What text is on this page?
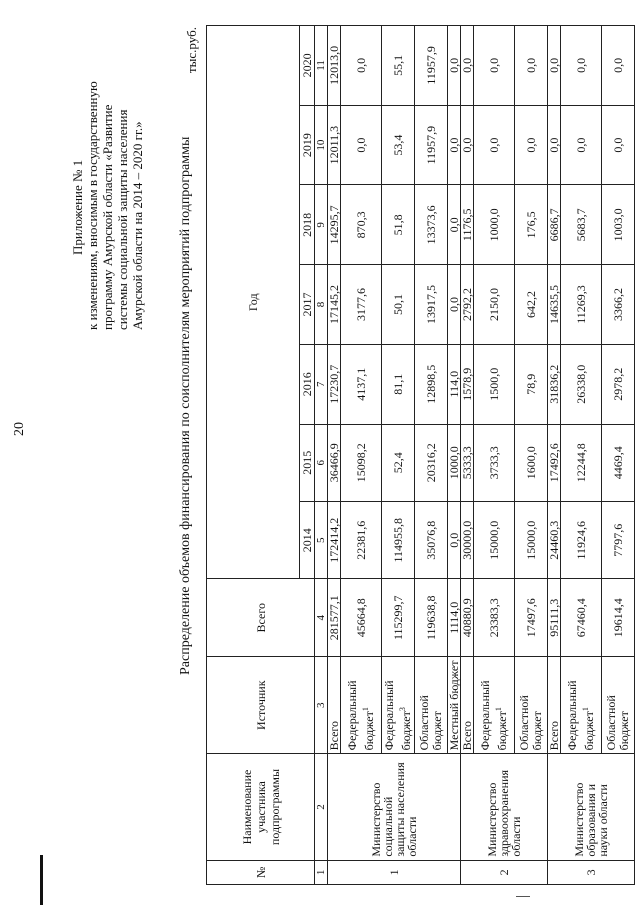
20
Приложение № 1 к изменениям, вносимым в государственную программу Амурской области «Развитие системы социальной защиты населения Амурской области на 2014 – 2020 гг.» Распределение объемов финансирования по соисполнителям мероприятий подпрограммы
тыс.руб.
№	Наименование участника подпрограммы	Источник	Всего	Год						
				2014	2015	2016	2017	2018	2019	2020
1	2	3	4	5	6	7	8	9	10	11
1	Министерство социальной защиты населения области	Всего	281577,1	172414,2	36466,9	17230,7	17145,2	14295,7	12011,3	12013,0
		Федеральный бюджет$^1$	45664,8	22381,6	15098,2	4137,1	3177,6	870,3	0,0	0,0
		Федеральный бюджет$^3$	115299,7	114955,8	52,4	81,1	50,1	51,8	53,4	55,1
		Областной бюджет	119638,8	35076,8	20316,2	12898,5	13917,5	13373,6	11957,9	11957,9
		Местный бюджет	1114,0	0,0	1000,0	114,0	0,0	0,0	0,0	0,0
2	Министерство здравоохранения области	Всего	40880,9	30000,0	5333,3	1578,9	2792,2	1176,5	0,0	0,0
		Федеральный бюджет$^1$	23383,3	15000,0	3733,3	1500,0	2150,0	1000,0	0,0	0,0
		Областной бюджет	17497,6	15000,0	1600,0	78,9	642,2	176,5	0,0	0,0
3	Министерство образования и науки области	Всего	95111,3	24460,3	17492,6	31836,2	14635,5	6686,7	0,0	0,0
		Федеральный бюджет$^1$	67460,4	11924,6	12244,8	26338,0	11269,3	5683,7	0,0	0,0
		Областной бюджет	19614,4	7797,6	4469,4	2978,2	3366,2	1003,0	0,0	0,0
